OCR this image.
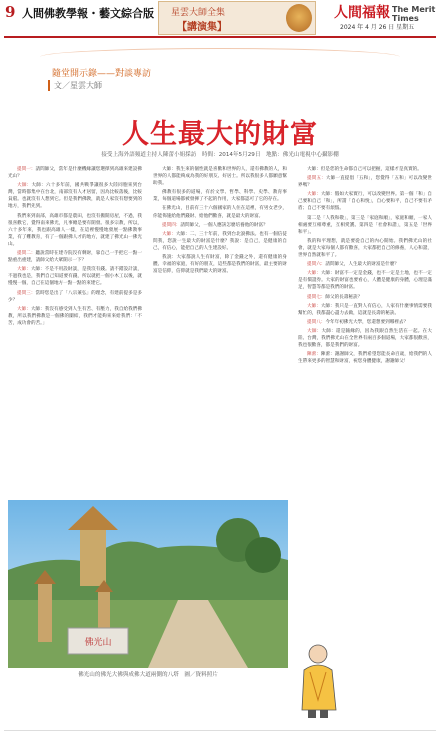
9 人間佛教學報・藝文綜合版 星雲大師全集
【講演集】
人間福報 The Merit Times
2024 年 4 月 26 日 星期五
隨堂開示錄——對談專訪
文／星雲大師
人生最大的財富
接受上海外語頻道主持人陳蕾小姐採訪　時間：2014年5月29日　地點：佛光山電視中心攝影棚

提問一：請問師父，當年是什麼機緣讓您選擇到高雄來建設佛光山？

大師：大師：六十多年前，國共戰爭讓很多大陸同胞來到台灣，當時都集中在台北，南部沒有人才居留，因為比較落後，比較貧窮。也就沒有人想到它。但是我們佛教，就是人家沒有想要到的地方，我們先到。

我們來到南部，高雄市都是農田，也沒有搬開房屋，不過，我很喜歡它，覺得南來佛光，凡事總是要有開發。很多宗教，所以，六十多年來，我也跟高雄人一樣，在這裡慢慢地發展一點佛教事業，有了難教育，有了一個跟佛人才的地方，就建了佛光山一佛光山。

提問二：聽說當時在建寺院沒有剩財，靠自己一手把它一點一點重出重建，請師父給大眾開示一下？

大師：大師：不是不用設財談，是我沒有錢。請不錯設計談，不過我也是，我們自己知道要有錢，所以就把一個小木工以後，就慢慢一個，自己在這個地方一點一點的來建它。

提問三：當時您是出了「八宗兼弘」的理念，有建前提多是多少？

大師：大師：我沒有感受到人生有苦、有壓力，我自給我們佛教，所以我們佛教是一個佛的團結，我們才能夠來來給我們：「不苦，成功會的苦。」

大師：我生來的個性就是喜歡和世界的人，還有佛教的人，和世界的人都能夠成為我的好朋友、好居士。所以我很多人都願意幫助我。

佛教有很多的道場，有於文學、哲學、科學、史學、教育事業，每個道場都被發揮了不起的作用，大家都認可了它的存在。

在佛光山，目前有三十六個國家的人住在這裡，有男女老少，你能佈施給他們錢財、給他們歡喜，就是最大的財富。

提問四：請問師父，一個人應該怎麼培養他的財富？

大師：大師：二、三十年前，我到台北說佛法。也有一個信徒問我，您說一生最大的財富是什麼？我說：是自己，是健康的自己，有信心，能把自己的人生建設好。

我說：大家都說人生有財富，除了金錢之外，還有健康的身體、幸福的家庭，有好的朋友，這些都是我們的財富，最主要的財富是信仰，信仰就是我們最大的財富。

大師：但是您的生命都自己可以把握，這樣才是真實的。

提問五：大師一直提倡「五和」，您覺得「五和」可以改變世界嗎？

大師：大師：假如大家實行，可以改變世界。第一個「和」自己要和自己「和」，所謂「自心和悅」，自心要和平，自己不要有矛盾；自己不要有煩惱。

第二是「人我和敬」，第三是「家庭和順」，家庭和順，一家人相處要互相尊重，互相愛護。第四是「社會和諧」，第五是「世界和平」。

我的和平理想，就是要從自己的內心開始。我們佛光山的社會，就是大家每個人都有歡喜，大家都把自己的修養，人心和諧，世界自然就和平了。

提問六：請問師父，人生最大的財富是什麼？

大師：大師：財富不一定是金錢，也不一定是土地，也不一定是有價證券。大家的財富也要看心，人體是健康的身體，心理是滿足，智慧等都是我們的財富。

提問七：師父的長壽秘訣？

大師：大師：我只是一直對人有信心，人家有什麼事情需要我幫忙的，我都盡心盡力去做，這就是長壽的秘訣。

提問八：今年年初佛光大學，您還想要到哪裡去？

大師：大師：還是隨緣的，因為我跟自然生活在一起。在大陸、台灣，我們佛光山在全世界有兩百多個道場，大家都很歡喜，我也很歡喜，都是我們的財富。

陳蕾：陳蕾：謝謝師父，我們希望您能長命百歲，給我們的人生帶來更多的智慧和財富，祝您身體健康，謝謝師父！

佛光山
佛光山的佛光大佛與成佛大道兩側的八塔　圖／資料照片
